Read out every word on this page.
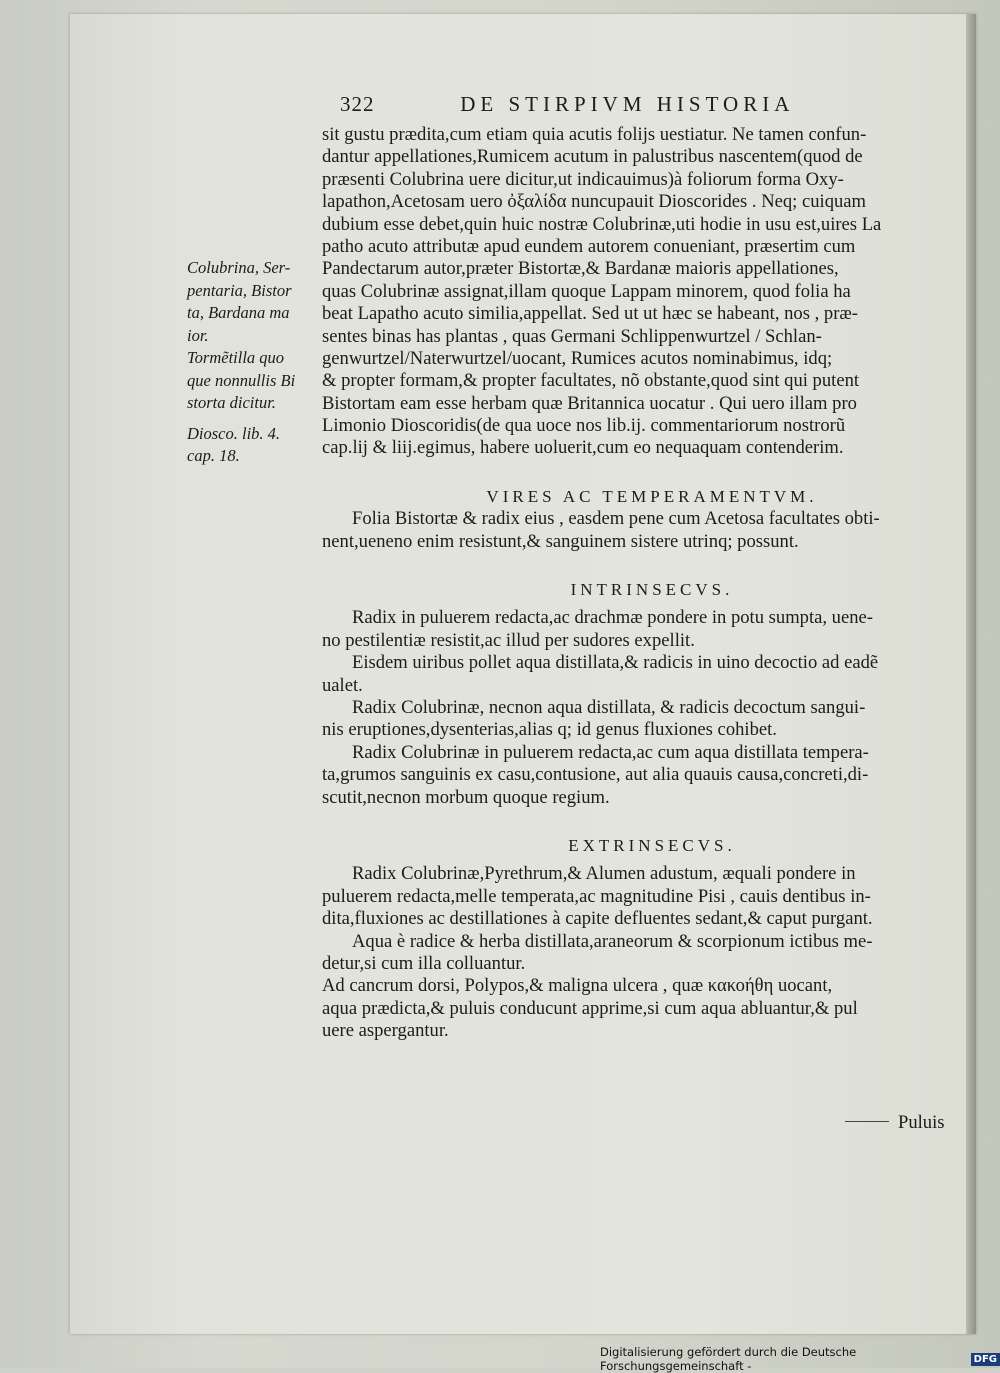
322	DE STIRPIVM HISTORIA
Colubrina, Ser-
pentaria, Bistor
ta, Bardana ma
ior.
Tormẽtilla quo
que nonnullis Bi
storta dicitur.
Diosco. lib. 4.
cap. 18.
sit gustu prædita,cum etiam quia acutis folijs uestiatur. Ne tamen confun-
dantur appellationes,Rumicem acutum in palustribus nascentem(quod de
præsenti Colubrina uere dicitur,ut indicauimus)à foliorum forma Oxy-
lapathon,Acetosam uero ὀξαλίδα nuncupauit Dioscorides . Neq; cuiquam
dubium esse debet,quin huic nostræ Colubrinæ,uti hodie in usu est,uires La
patho acuto attributæ apud eundem autorem conueniant, præsertim cum
Pandectarum autor,præter Bistortæ,& Bardanæ maioris appellationes,
quas Colubrinæ assignat,illam quoque Lappam minorem, quod folia ha
beat Lapatho acuto similia,appellat. Sed ut ut hæc se habeant, nos , præ-
sentes binas has plantas , quas Germani Schlippenwurtzel / Schlan-
genwurtzel/Naterwurtzel/uocant, Rumices acutos nominabimus, idq;
& propter formam,& propter facultates, nõ obstante,quod sint qui putent
Bistortam eam esse herbam quæ Britannica uocatur . Qui uero illam pro
Limonio Dioscoridis(de qua uoce nos lib.ij. commentariorum nostrorũ
cap.lij & liij.egimus, habere uoluerit,cum eo nequaquam contenderim.
VIRES AC TEMPERAMENTVM.
Folia Bistortæ & radix eius , easdem pene cum Acetosa facultates obti-
nent,ueneno enim resistunt,& sanguinem sistere utrinq; possunt.
INTRINSECVS.
Radix in puluerem redacta,ac drachmæ pondere in potu sumpta, uene-
no pestilentiæ resistit,ac illud per sudores expellit.
Eisdem uiribus pollet aqua distillata,& radicis in uino decoctio ad eadẽ
ualet.
Radix Colubrinæ, necnon aqua distillata, & radicis decoctum sangui-
nis eruptiones,dysenterias,alias q; id genus fluxiones cohibet.
Radix Colubrinæ in puluerem redacta,ac cum aqua distillata tempera-
ta,grumos sanguinis ex casu,contusione, aut alia quauis causa,concreti,di-
scutit,necnon morbum quoque regium.
EXTRINSECVS.
Radix Colubrinæ,Pyrethrum,& Alumen adustum, æquali pondere in
puluerem redacta,melle temperata,ac magnitudine Pisi , cauis dentibus in-
dita,fluxiones ac destillationes à capite defluentes sedant,& caput purgant.
Aqua è radice & herba distillata,araneorum & scorpionum ictibus me-
detur,si cum illa colluantur.
Ad cancrum dorsi, Polypos,& maligna ulcera , quæ κακοήθη uocant,
aqua prædicta,& puluis conducunt apprime,si cum aqua abluantur,& pul
uere aspergantur.
Puluis
Digitalisierung gefördert durch die Deutsche Forschungsgemeinschaft -	DFG
